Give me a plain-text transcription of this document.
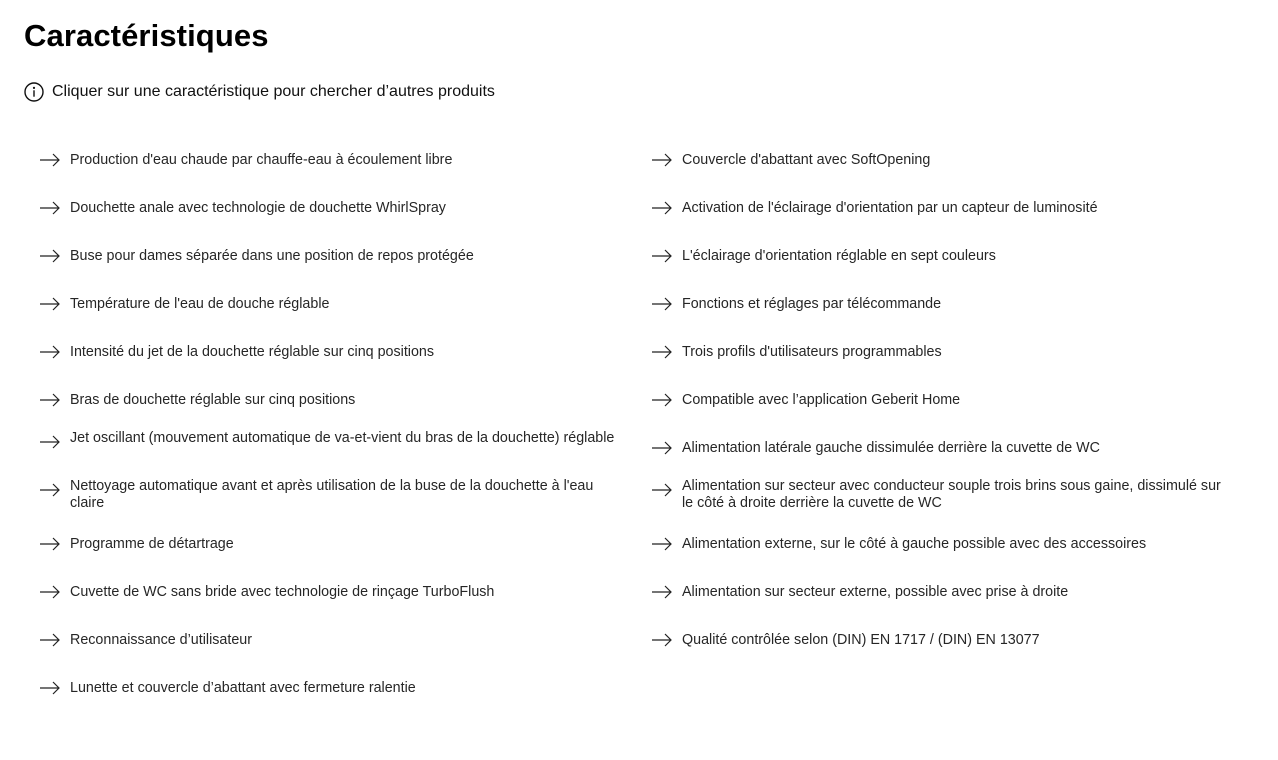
Caractéristiques
Cliquer sur une caractéristique pour chercher d’autres produits
Production d'eau chaude par chauffe-eau à écoulement libre
Douchette anale avec technologie de douchette WhirlSpray
Buse pour dames séparée dans une position de repos protégée
Température de l'eau de douche réglable
Intensité du jet de la douchette réglable sur cinq positions
Bras de douchette réglable sur cinq positions
Jet oscillant (mouvement automatique de va-et-vient du bras de la douchette) réglable
Nettoyage automatique avant et après utilisation de la buse de la douchette à l'eau claire
Programme de détartrage
Cuvette de WC sans bride avec technologie de rinçage TurboFlush
Reconnaissance d’utilisateur
Lunette et couvercle d’abattant avec fermeture ralentie
Couvercle d'abattant avec SoftOpening
Activation de l'éclairage d'orientation par un capteur de luminosité
L'éclairage d'orientation réglable en sept couleurs
Fonctions et réglages par télécommande
Trois profils d'utilisateurs programmables
Compatible avec l’application Geberit Home
Alimentation latérale gauche dissimulée derrière la cuvette de WC
Alimentation sur secteur avec conducteur souple trois brins sous gaine, dissimulé sur le côté à droite derrière la cuvette de WC
Alimentation externe, sur le côté à gauche possible avec des accessoires
Alimentation sur secteur externe, possible avec prise à droite
Qualité contrôlée selon (DIN) EN 1717 / (DIN) EN 13077
